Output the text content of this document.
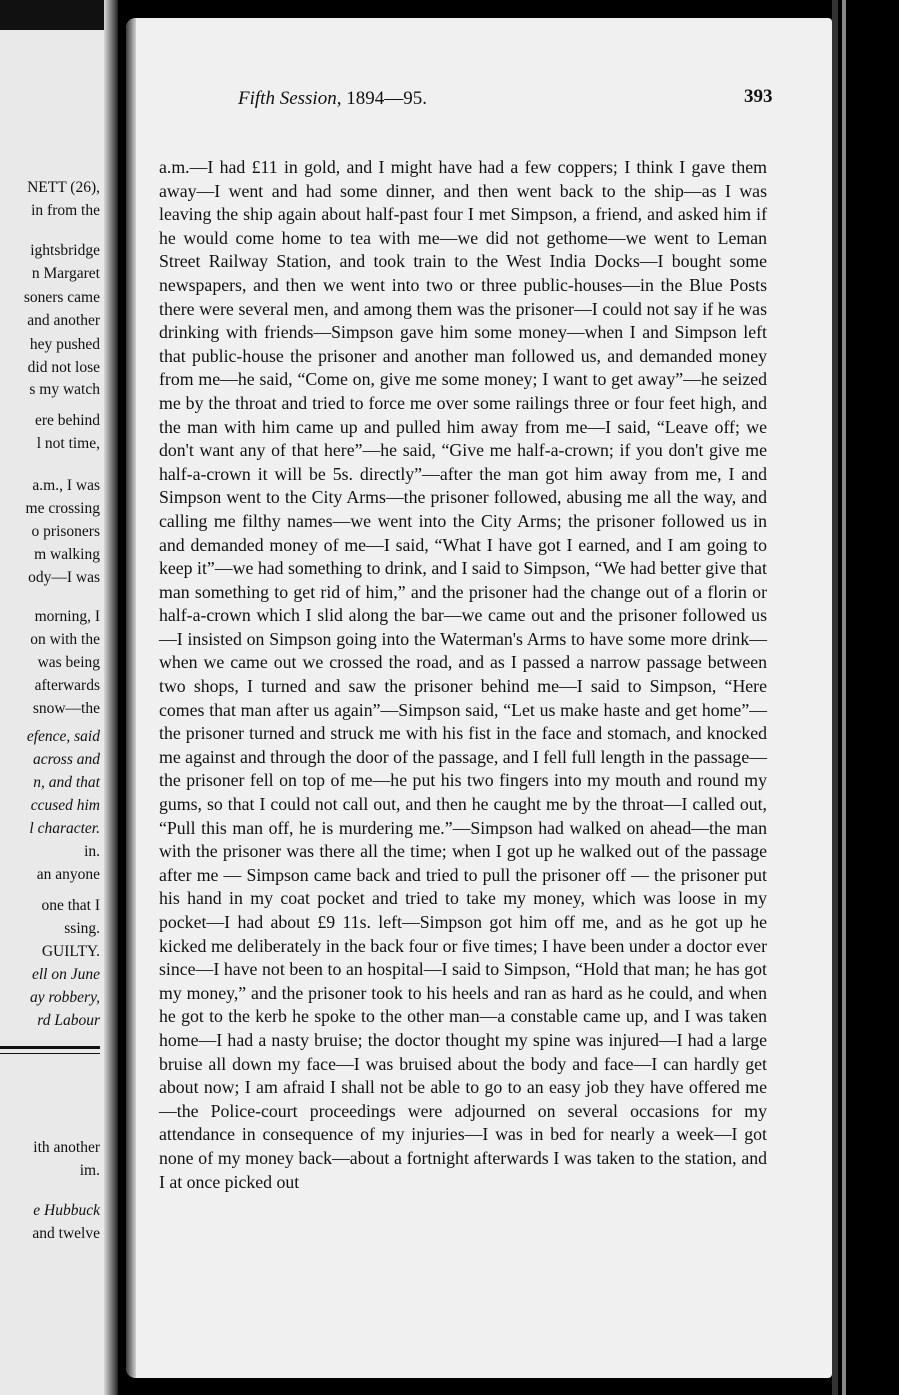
NETT (26),
in from the
ightsbridge
n Margaret
soners came
and another
hey pushed
did not lose
s my watch
ere behind
l not time,
a.m., I was
me crossing
o prisoners
m walking
ody—I was
morning, I
on with the
was being
afterwards
snow—the
efence, said
across and
n, and that
ccused him
l character.
in.
an anyone
one that I
ssing.
GUILTY.
ell on June
ay robbery,
rd Labour
ith another
im.
e Hubbuck
and twelve
Fifth Session, 1894—95.	393

a.m.—I had £11 in gold, and I might have had a few coppers; I think I gave them away—I went and had some dinner, and then went back to the ship—as I was leaving the ship again about half-past four I met Simpson, a friend, and asked him if he would come home to tea with me—we did not gethome—we went to Leman Street Railway Station, and took train to the West India Docks—I bought some newspapers, and then we went into two or three public-houses—in the Blue Posts there were several men, and among them was the prisoner—I could not say if he was drinking with friends—Simpson gave him some money—when I and Simpson left that public-house the prisoner and another man followed us, and demanded money from me—he said, “Come on, give me some money; I want to get away”—he seized me by the throat and tried to force me over some railings three or four feet high, and the man with him came up and pulled him away from me—I said, “Leave off; we don't want any of that here”—he said, “Give me half-a-crown; if you don't give me half-a-crown it will be 5s. directly”—after the man got him away from me, I and Simpson went to the City Arms—the prisoner followed, abusing me all the way, and calling me filthy names—we went into the City Arms; the prisoner followed us in and demanded money of me—I said, “What I have got I earned, and I am going to keep it”—we had something to drink, and I said to Simpson, “We had better give that man something to get rid of him,” and the prisoner had the change out of a florin or half-a-crown which I slid along the bar—we came out and the prisoner followed us—I insisted on Simpson going into the Waterman's Arms to have some more drink—when we came out we crossed the road, and as I passed a narrow passage between two shops, I turned and saw the prisoner behind me—I said to Simpson, “Here comes that man after us again”—Simpson said, “Let us make haste and get home”—the prisoner turned and struck me with his fist in the face and stomach, and knocked me against and through the door of the passage, and I fell full length in the passage—the prisoner fell on top of me—he put his two fingers into my mouth and round my gums, so that I could not call out, and then he caught me by the throat—I called out, “Pull this man off, he is murdering me.”—Simpson had walked on ahead—the man with the prisoner was there all the time; when I got up he walked out of the passage after me — Simpson came back and tried to pull the prisoner off — the prisoner put his hand in my coat pocket and tried to take my money, which was loose in my pocket—I had about £9 11s. left—Simpson got him off me, and as he got up he kicked me deliberately in the back four or five times; I have been under a doctor ever since—I have not been to an hospital—I said to Simpson, “Hold that man; he has got my money,” and the prisoner took to his heels and ran as hard as he could, and when he got to the kerb he spoke to the other man—a constable came up, and I was taken home—I had a nasty bruise; the doctor thought my spine was injured—I had a large bruise all down my face—I was bruised about the body and face—I can hardly get about now; I am afraid I shall not be able to go to an easy job they have offered me—the Police-court proceedings were adjourned on several occasions for my attendance in consequence of my injuries—I was in bed for nearly a week—I got none of my money back—about a fortnight afterwards I was taken to the station, and I at once picked out
